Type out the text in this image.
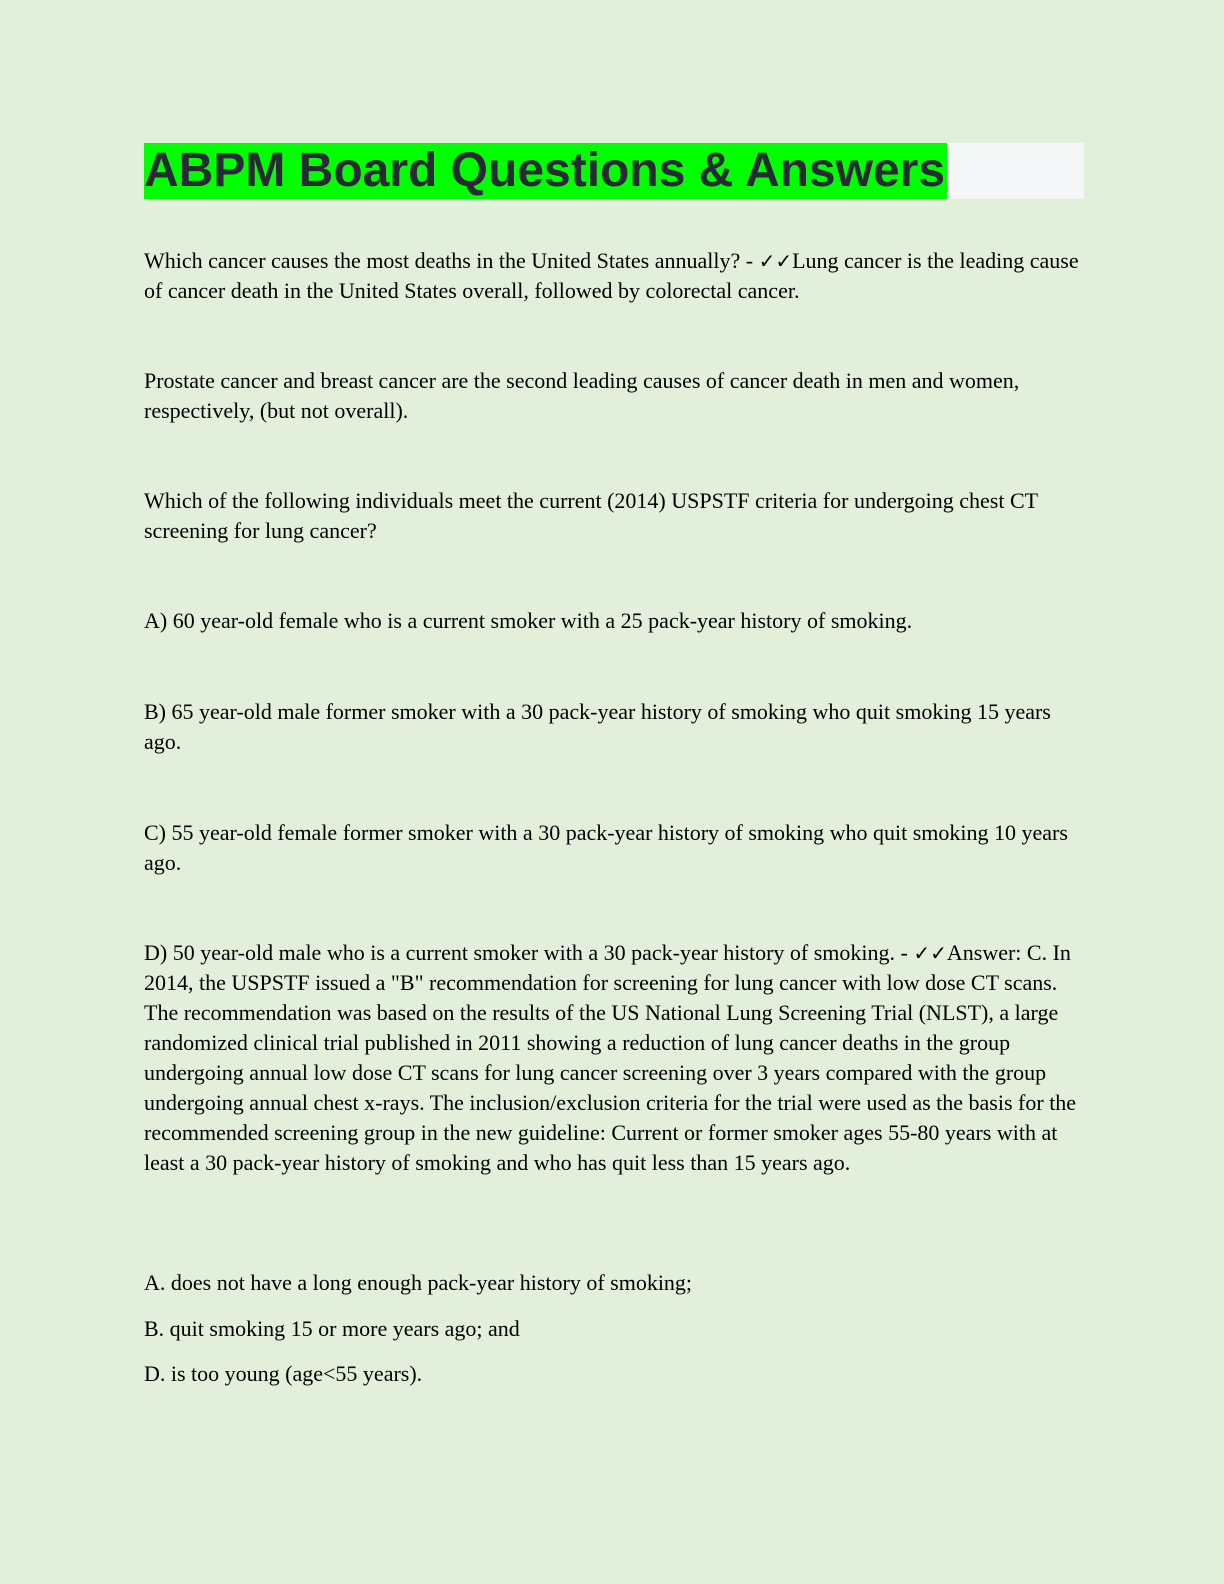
ABPM Board Questions & Answers

Which cancer causes the most deaths in the United States annually? - ✓✓Lung cancer is the leading cause of cancer death in the United States overall, followed by colorectal cancer.

Prostate cancer and breast cancer are the second leading causes of cancer death in men and women, respectively, (but not overall).

Which of the following individuals meet the current (2014) USPSTF criteria for undergoing chest CT screening for lung cancer?

A) 60 year-old female who is a current smoker with a 25 pack-year history of smoking.

B) 65 year-old male former smoker with a 30 pack-year history of smoking who quit smoking 15 years ago.

C) 55 year-old female former smoker with a 30 pack-year history of smoking who quit smoking 10 years ago.

D) 50 year-old male who is a current smoker with a 30 pack-year history of smoking. - ✓✓Answer: C. In 2014, the USPSTF issued a "B" recommendation for screening for lung cancer with low dose CT scans. The recommendation was based on the results of the US National Lung Screening Trial (NLST), a large randomized clinical trial published in 2011 showing a reduction of lung cancer deaths in the group undergoing annual low dose CT scans for lung cancer screening over 3 years compared with the group undergoing annual chest x-rays. The inclusion/exclusion criteria for the trial were used as the basis for the recommended screening group in the new guideline: Current or former smoker ages 55-80 years with at least a 30 pack-year history of smoking and who has quit less than 15 years ago.

A. does not have a long enough pack-year history of smoking;

B. quit smoking 15 or more years ago; and

D. is too young (age<55 years).
